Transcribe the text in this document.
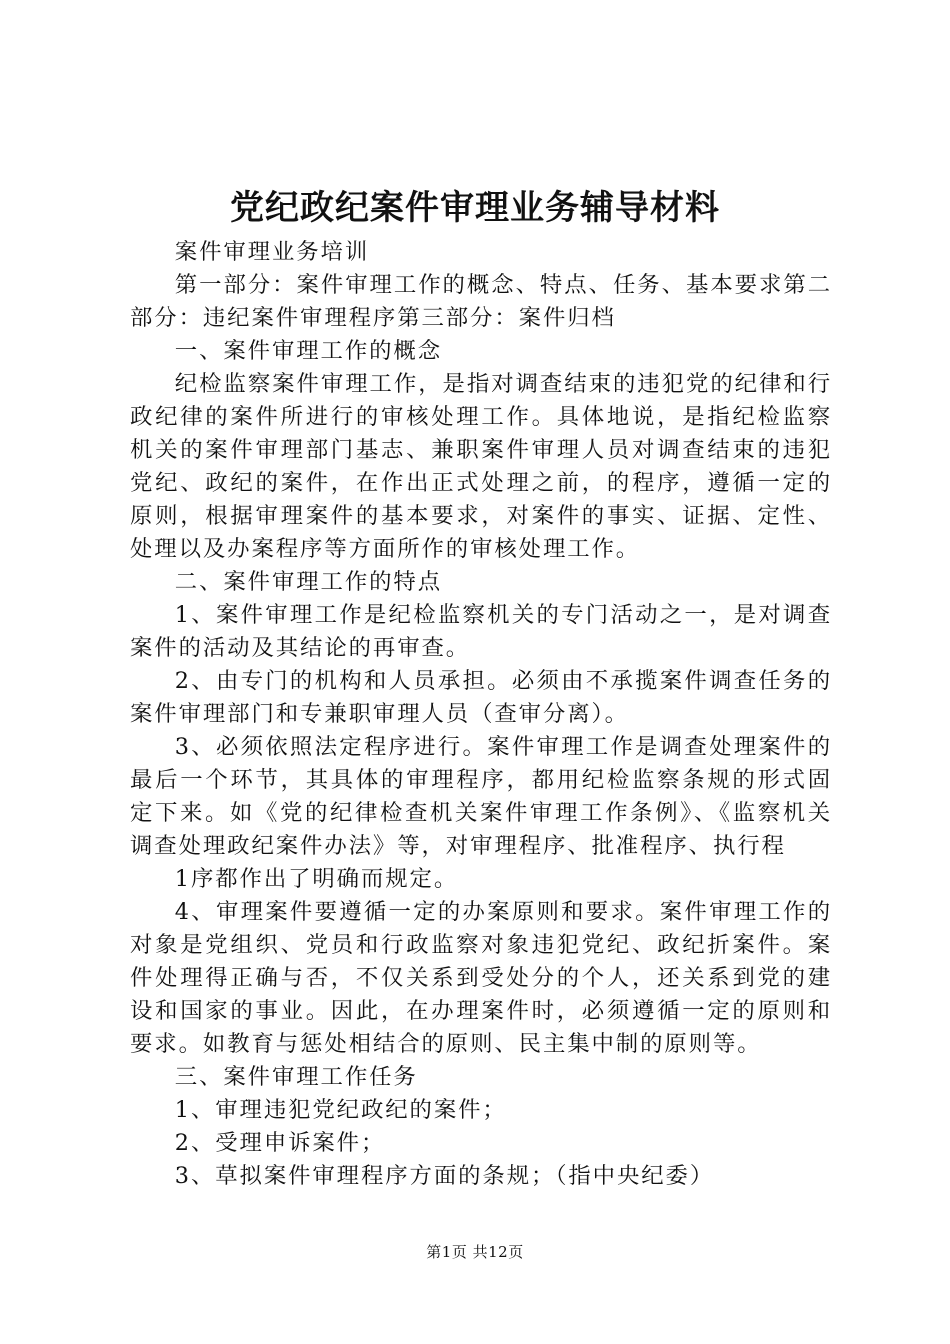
党纪政纪案件审理业务辅导材料

案件审理业务培训

第一部分：案件审理工作的概念、特点、任务、基本要求第二部分：违纪案件审理程序第三部分：案件归档

一、案件审理工作的概念

纪检监察案件审理工作，是指对调查结束的违犯党的纪律和行政纪律的案件所进行的审核处理工作。具体地说，是指纪检监察机关的案件审理部门基志、兼职案件审理人员对调查结束的违犯党纪、政纪的案件，在作出正式处理之前，的程序，遵循一定的原则，根据审理案件的基本要求，对案件的事实、证据、定性、处理以及办案程序等方面所作的审核处理工作。

二、案件审理工作的特点

1、案件审理工作是纪检监察机关的专门活动之一，是对调查案件的活动及其结论的再审查。

2、由专门的机构和人员承担。必须由不承揽案件调查任务的案件审理部门和专兼职审理人员（查审分离）。

3、必须依照法定程序进行。案件审理工作是调查处理案件的最后一个环节，其具体的审理程序，都用纪检监察条规的形式固定下来。如《党的纪律检查机关案件审理工作条例》、《监察机关调查处理政纪案件办法》等，对审理程序、批准程序、执行程

1序都作出了明确而规定。

4、审理案件要遵循一定的办案原则和要求。案件审理工作的对象是党组织、党员和行政监察对象违犯党纪、政纪折案件。案件处理得正确与否，不仅关系到受处分的个人，还关系到党的建设和国家的事业。因此，在办理案件时，必须遵循一定的原则和要求。如教育与惩处相结合的原则、民主集中制的原则等。

三、案件审理工作任务

1、审理违犯党纪政纪的案件；

2、受理申诉案件；

3、草拟案件审理程序方面的条规；（指中央纪委）

第1页 共12页
